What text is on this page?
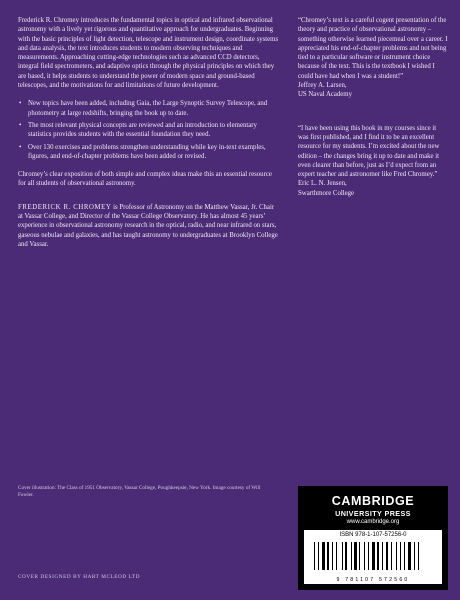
Frederick R. Chromey introduces the fundamental topics in optical and infrared observational astronomy with a lively yet rigorous and quantitative approach for undergraduates. Beginning with the basic principles of light detection, telescope and instrument design, coordinate systems and data analysis, the text introduces students to modern observing techniques and measurements. Approaching cutting-edge technologies such as advanced CCD detectors, integral field spectrometers, and adaptive optics through the physical principles on which they are based, it helps students to understand the power of modern space and ground-based telescopes, and the motivations for and limitations of future development.

• New topics have been added, including Gaia, the Large Synoptic Survey Telescope, and photometry at large redshifts, bringing the book up to date.
• The most relevant physical concepts are reviewed and an introduction to elementary statistics provides students with the essential foundation they need.
• Over 130 exercises and problems strengthen understanding while key in-text examples, figures, and end-of-chapter problems have been added or revised.

Chromey’s clear exposition of both simple and complex ideas make this an essential resource for all students of observational astronomy.

FREDERICK R. CHROMEY is Professor of Astronomy on the Matthew Vassar, Jr. Chair at Vassar College, and Director of the Vassar College Observatory. He has almost 45 years’ experience in observational astronomy research in the optical, radio, and near infrared on stars, gaseous nebulae and galaxies, and has taught astronomy to undergraduates at Brooklyn College and Vassar.

“Chromey’s text is a careful cogent presentation of the theory and practice of observational astronomy – something otherwise learned piecemeal over a career. I appreciated his end-of-chapter problems and not being tied to a particular software or instrument choice because of the text. This is the textbook I wished I could have had when I was a student!”
Jeffrey A. Larsen,
US Naval Academy

“I have been using this book in my courses since it was first published, and I find it to be an excellent resource for my students. I’m excited about the new edition – the changes bring it up to date and make it even clearer than before, just as I’d expect from an expert teacher and astronomer like Fred Chromey.”
Eric L. N. Jensen,
Swarthmore College

Cover illustration: The Class of 1951 Observatory, Vassar College, Poughkeepsie, New York. Image courtesy of Will Fowler.
COVER DESIGNED BY HART MCLEOD LTD
CAMBRIDGE
UNIVERSITY PRESS
www.cambridge.org
ISBN 978-1-107-57256-0
9 781107 572560
